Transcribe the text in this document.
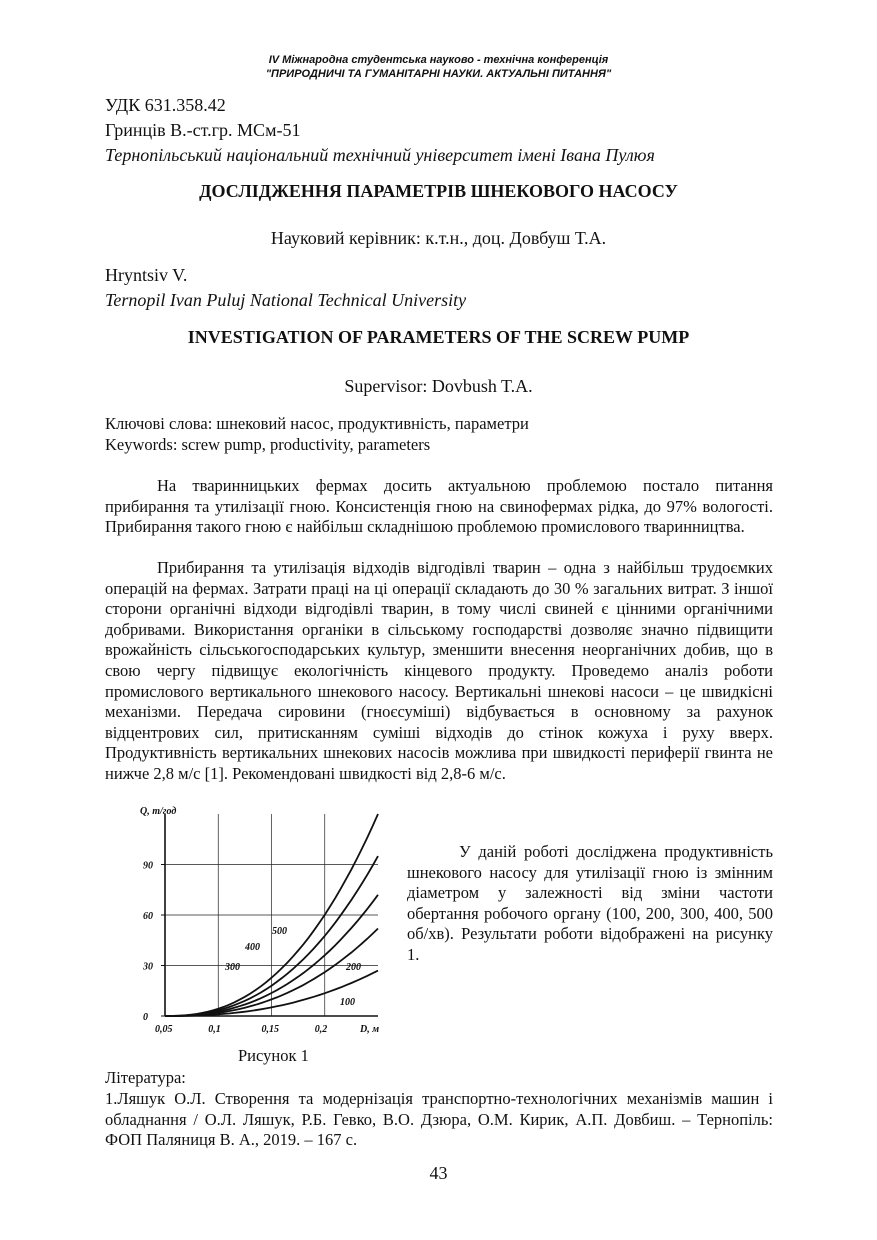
IV Міжнародна студентська науково - технічна конференція
"ПРИРОДНИЧІ ТА ГУМАНІТАРНІ НАУКИ. АКТУАЛЬНІ ПИТАННЯ"
УДК 631.358.42
Гринців В.-ст.гр. МСм-51
Тернопільський національний технічний університет імені Івана Пулюя
ДОСЛІДЖЕННЯ ПАРАМЕТРІВ ШНЕКОВОГО НАСОСУ
Науковий керівник: к.т.н., доц. Довбуш Т.А.
Hryntsiv V.
Ternopil Ivan Puluj National Technical University
INVESTIGATION OF PARAMETERS OF THE SCREW PUMP
Supervisor: Dovbush T.A.
Ключові слова: шнековий насос, продуктивність, параметри
Keywords: screw pump, productivity, parameters
На тваринницьких фермах досить актуальною проблемою постало питання прибирання та утилізації гною. Консистенція гною на свинофермах рідка, до 97% вологості. Прибирання такого гною є найбільш складнішою проблемою промислового тваринництва.
Прибирання та утилізація відходів відгодівлі тварин – одна з найбільш трудоємких операцій на фермах. Затрати праці на ці операції складають до 30 % загальних витрат. З іншої сторони органічні відходи відгодівлі тварин, в тому числі свиней є цінними органічними добривами. Використання органіки в сільському господарстві дозволяє значно підвищити врожайність сільськогосподарських культур, зменшити внесення неорганічних добив, що в свою чергу підвищує екологічність кінцевого продукту. Проведемо аналіз роботи промислового вертикального шнекового насосу. Вертикальні шнекові насоси – це швидкісні механізми. Передача сировини (гноєсуміші) відбувається в основному за рахунок відцентрових сил, притисканням суміші відходів до стінок кожуха і руху вверх. Продуктивність вертикальних шнекових насосів можлива при швидкості периферії гвинта не нижче 2,8 м/с [1]. Рекомендовані швидкості від 2,8-6 м/с.
Q, т/год
D, м
0,05	0,1	0,15	0,2
0
30
60
90
100
200
300
400
500
Рисунок 1
У даній роботі досліджена продуктивність шнекового насосу для утилізації гною із змінним діаметром у залежності від зміни частоти обертання робочого органу (100, 200, 300, 400, 500 об/хв). Результати роботи відображені на рисунку 1.
Література:
1.Ляшук О.Л. Створення та модернізація транспортно-технологічних механізмів машин і обладнання / О.Л. Ляшук, Р.Б. Гевко, В.О. Дзюра, О.М. Кирик, А.П. Довбиш. – Тернопіль: ФОП Паляниця В. А., 2019. – 167 с.
43
